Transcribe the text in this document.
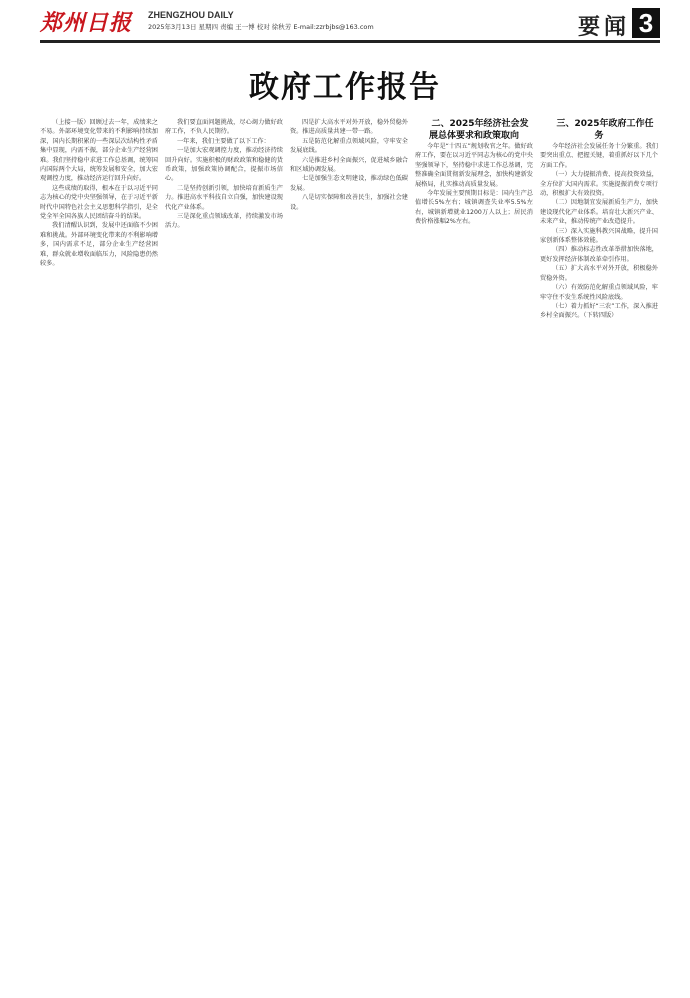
郑州日报 ZHENGZHOU DAILY
2025年3月13日 星期四 责编 王一博 校对 徐秋芳 E-mail:zzrbjbs@163.com	要闻 3
政府工作报告

（上接一版）回顾过去一年，成绩来之不易。外部环境变化带来的不利影响持续加深，国内长期积累的一些深层次结构性矛盾集中显现，内需不振，部分企业生产经营困难。我们坚持稳中求进工作总基调，统筹国内国际两个大局，统筹发展和安全，加大宏观调控力度，推动经济运行回升向好。

这些成绩的取得，根本在于以习近平同志为核心的党中央坚强领导，在于习近平新时代中国特色社会主义思想科学指引，是全党全军全国各族人民团结奋斗的结果。

我们清醒认识到，发展中还面临不少困难和挑战。外部环境变化带来的不利影响增多，国内需求不足，部分企业生产经营困难，群众就业增收面临压力，风险隐患仍然较多。

我们要直面问题挑战，尽心竭力做好政府工作，不负人民期待。

一年来，我们主要做了以下工作：

一是加大宏观调控力度，推动经济持续回升向好。实施积极的财政政策和稳健的货币政策，加强政策协调配合，提振市场信心。

二是坚持创新引领，加快培育新质生产力。推进高水平科技自立自强，加快建设现代化产业体系。

三是深化重点领域改革，持续激发市场活力。

四是扩大高水平对外开放，稳外贸稳外资。推进高质量共建一带一路。

五是防范化解重点领域风险，守牢安全发展底线。

六是推进乡村全面振兴，促进城乡融合和区域协调发展。

七是加强生态文明建设，推动绿色低碳发展。

八是切实保障和改善民生，加强社会建设。

二、2025年经济社会发展总体要求和政策取向

今年是“十四五”规划收官之年。做好政府工作，要在以习近平同志为核心的党中央坚强领导下，坚持稳中求进工作总基调，完整准确全面贯彻新发展理念，加快构建新发展格局，扎实推动高质量发展。

今年发展主要预期目标是：国内生产总值增长5%左右；城镇调查失业率5.5%左右，城镇新增就业1200万人以上；居民消费价格涨幅2%左右。

三、2025年政府工作任务

今年经济社会发展任务十分繁重。我们要突出重点、把握关键，着重抓好以下几个方面工作。

（一）大力提振消费、提高投资效益，全方位扩大国内需求。实施提振消费专项行动，积极扩大有效投资。

（二）因地制宜发展新质生产力，加快建设现代化产业体系。培育壮大新兴产业、未来产业，推动传统产业改造提升。

（三）深入实施科教兴国战略，提升国家创新体系整体效能。

（四）推动标志性改革举措加快落地，更好发挥经济体制改革牵引作用。

（五）扩大高水平对外开放，积极稳外贸稳外资。

（六）有效防范化解重点领域风险，牢牢守住不发生系统性风险底线。

（七）着力抓好“三农”工作，深入推进乡村全面振兴。（下转四版）
